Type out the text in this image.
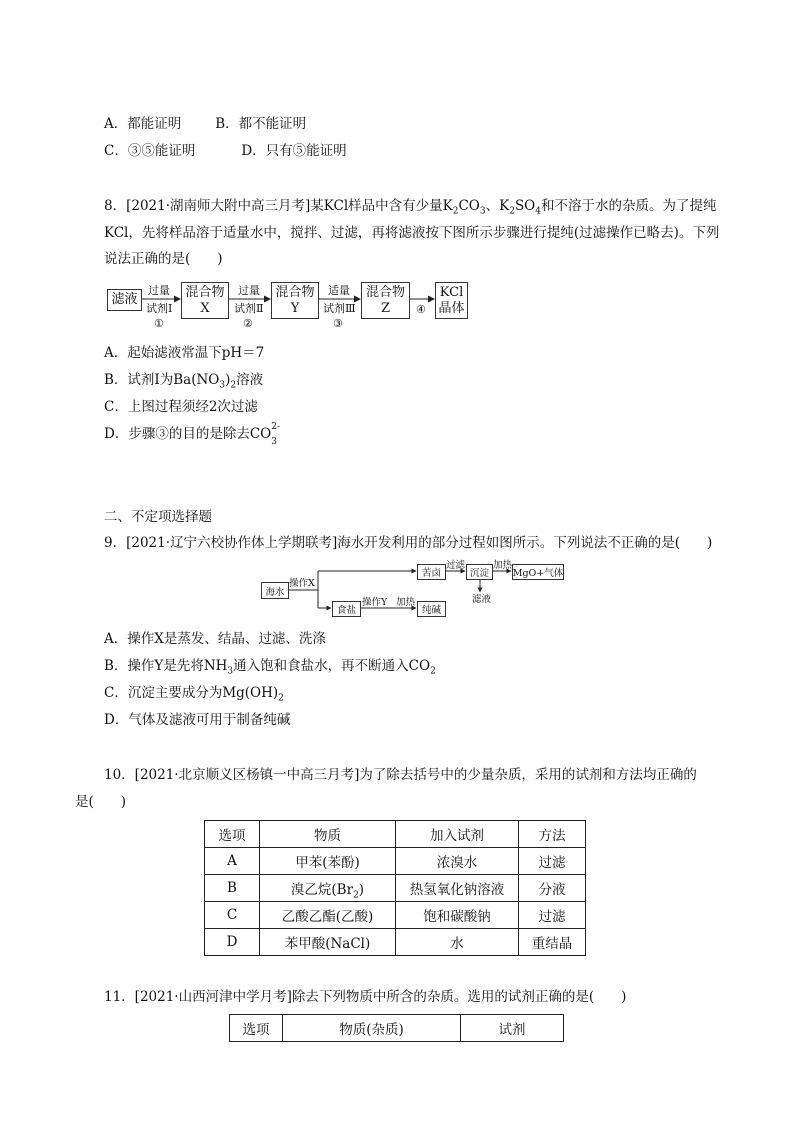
A．都能证明	B．都不能证明
C．③⑤能证明	D．只有⑤能证明
8．[2021·湖南师大附中高三月考]某KCl样品中含有少量$K_2CO_3$、$K_2SO_4$和不溶于水的杂质。为了提纯
KCl，先将样品溶于适量水中，搅拌、过滤，再将滤液按下图所示步骤进行提纯(过滤操作已略去)。下列
说法正确的是(　　)
滤液
过量
试剂Ⅰ
①
混合物
X
过量
试剂Ⅱ
②
混合物
Y
适量
试剂Ⅲ
③
混合物
Z ④
KCl
晶体
A．起始滤液常温下pH＝7
B．试剂Ⅰ为$Ba(NO_3)_2$溶液
C．上图过程须经2次过滤
D．步骤③的目的是除去CO 2-
3
二、不定项选择题
9．[2021·辽宁六校协作体上学期联考]海水开发利用的部分过程如图所示。下列说法不正确的是(　　)
海水
操作X
苦卤
过滤
沉淀
加热
MgO+气体
滤液
食盐
操作Y 加热
纯碱
A．操作X是蒸发、结晶、过滤、洗涤
B．操作Y是先将$NH_3$通入饱和食盐水，再不断通入$CO_2$
C．沉淀主要成分为$Mg(OH)_2$
D．气体及滤液可用于制备纯碱
10．[2021·北京顺义区杨镇一中高三月考]为了除去括号中的少量杂质，采用的试剂和方法均正确的
是(　　)
选项	物质	加入试剂	方法
A	甲苯(苯酚)	浓溴水	过滤
B	溴乙烷$(Br_2)$	热氢氧化钠溶液	分液
C	乙酸乙酯(乙酸)	饱和碳酸钠	过滤
D	苯甲酸(NaCl)	水	重结晶
11．[2021·山西河津中学月考]除去下列物质中所含的杂质。选用的试剂正确的是(　　)
选项	物质(杂质)	试剂
